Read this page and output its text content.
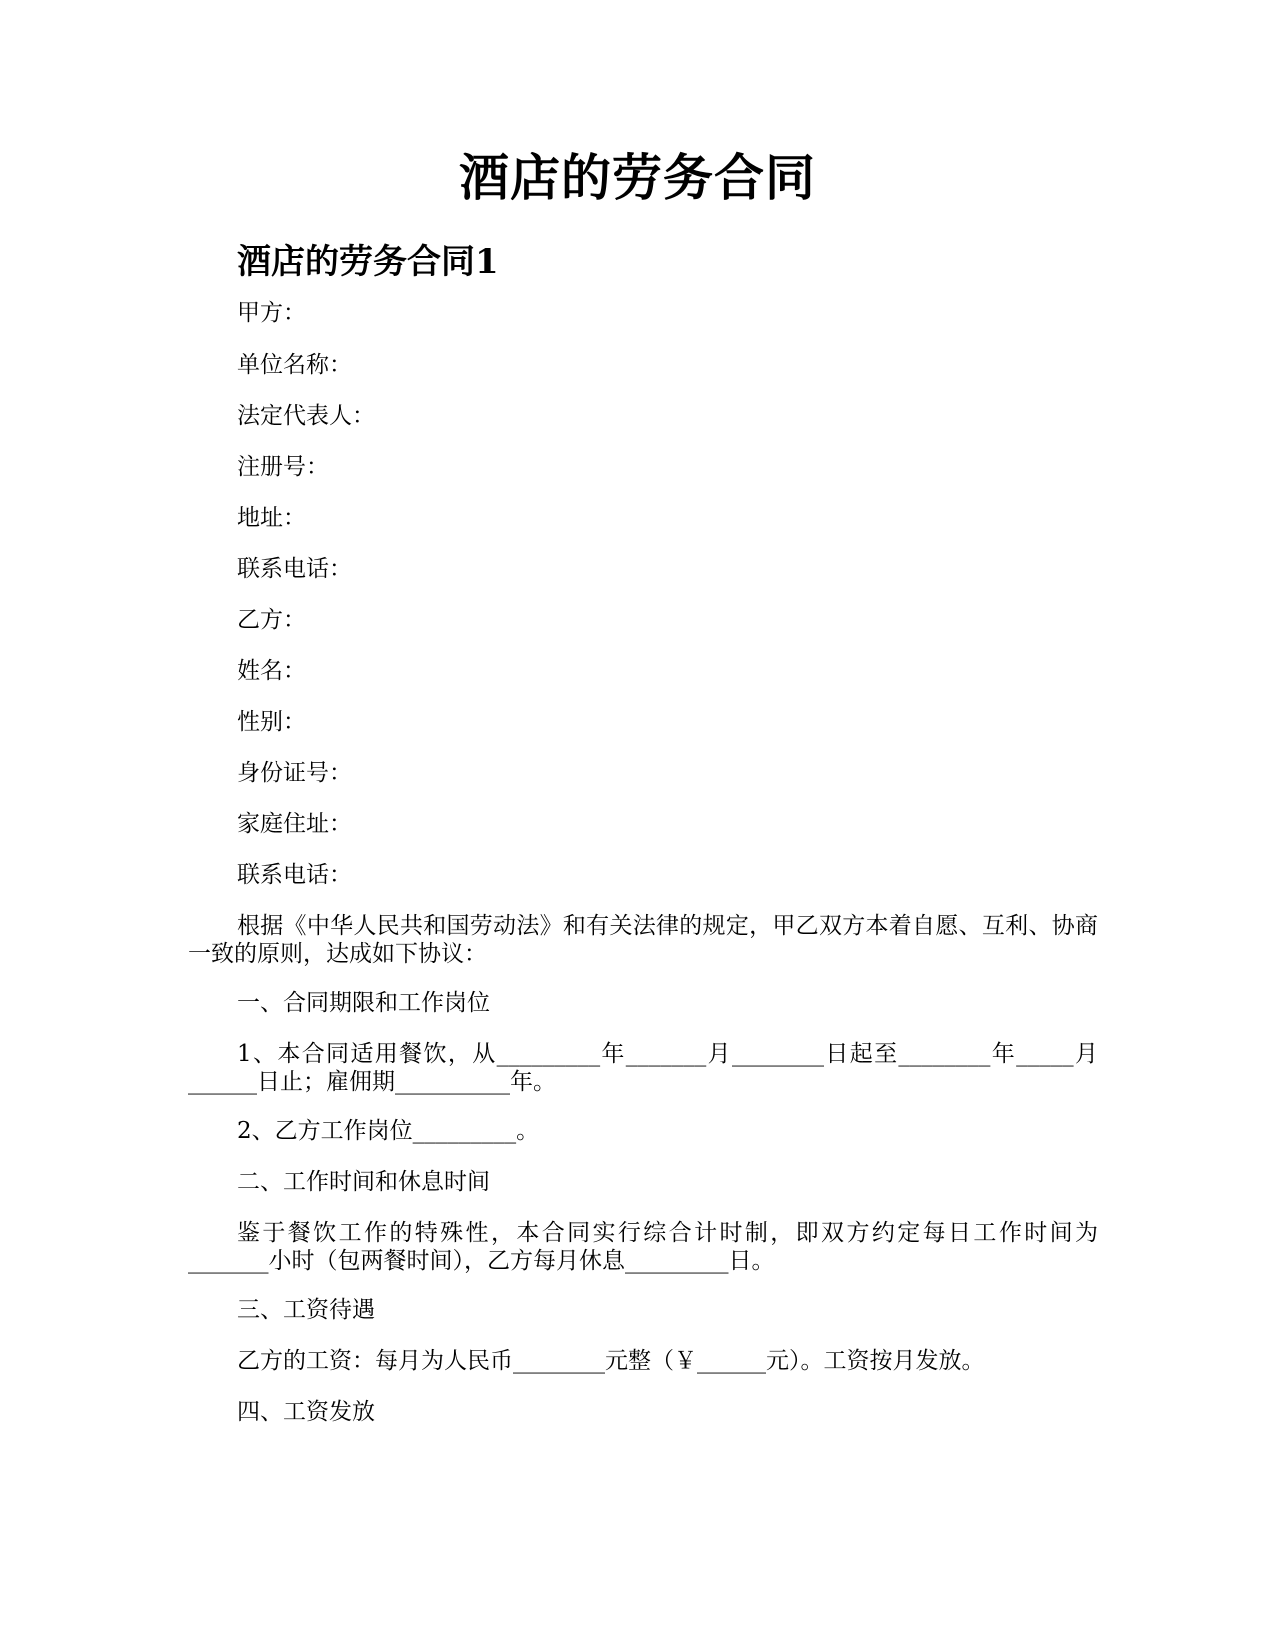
酒店的劳务合同
酒店的劳务合同1
甲方：
单位名称：
法定代表人：
注册号：
地址：
联系电话：
乙方：
姓名：
性别：
身份证号：
家庭住址：
联系电话：
根据《中华人民共和国劳动法》和有关法律的规定，甲乙双方本着自愿、互利、协商一致的原则，达成如下协议：
一、合同期限和工作岗位
1、本合同适用餐饮，从_________年_______月________日起至________年_____月______日止；雇佣期__________年。
2、乙方工作岗位_________。
二、工作时间和休息时间
鉴于餐饮工作的特殊性，本合同实行综合计时制，即双方约定每日工作时间为_______小时（包两餐时间），乙方每月休息_________日。
三、工资待遇
乙方的工资：每月为人民币________元整（￥______元）。工资按月发放。
四、工资发放
